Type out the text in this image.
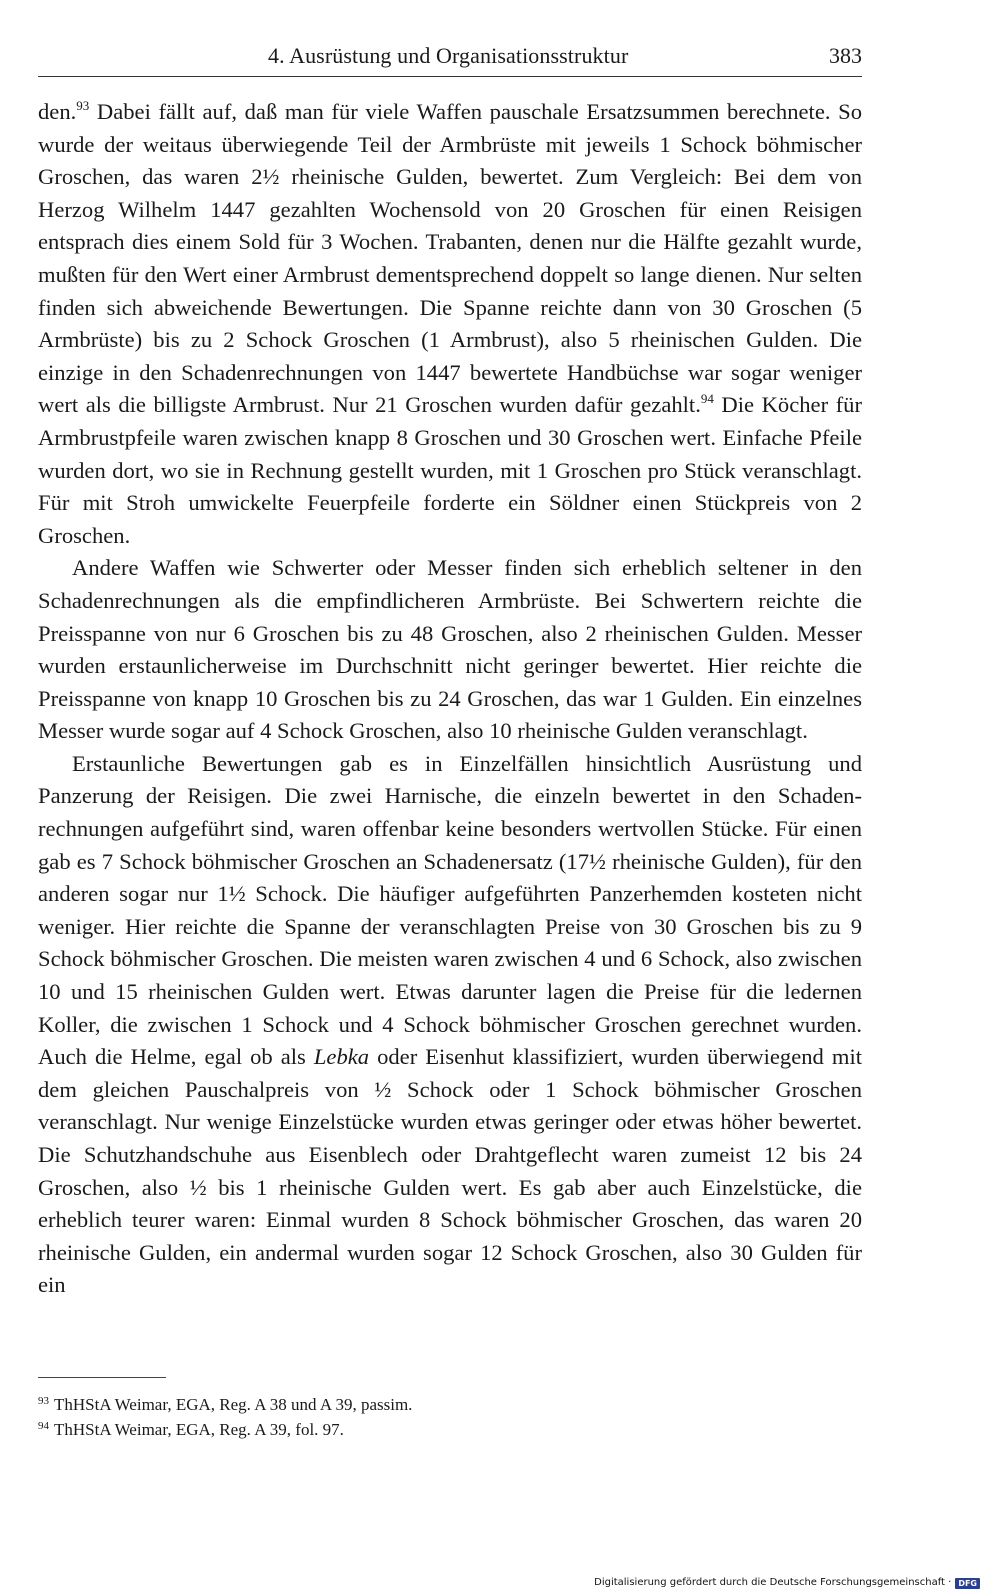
4. Ausrüstung und Organisationsstruktur	383

den.$^{93}$ Dabei fällt auf, daß man für viele Waffen pauschale Ersatzsummen berechnete. So wurde der weitaus überwiegende Teil der Armbrüste mit jeweils 1 Schock böhmischer Groschen, das waren 2½ rheinische Gulden, bewertet. Zum Vergleich: Bei dem von Herzog Wilhelm 1447 gezahlten Wochensold von 20 Groschen für einen Reisigen entsprach dies einem Sold für 3 Wochen. Trabanten, denen nur die Hälfte gezahlt wurde, mußten für den Wert einer Armbrust dementsprechend doppelt so lange dienen. Nur selten finden sich abweichende Bewertungen. Die Spanne reichte dann von 30 Groschen (5 Armbrüste) bis zu 2 Schock Groschen (1 Armbrust), also 5 rheinischen Gulden. Die einzige in den Schadenrechnungen von 1447 bewertete Handbüchse war sogar weniger wert als die billigste Armbrust. Nur 21 Groschen wurden dafür gezahlt.$^{94}$ Die Köcher für Armbrustpfeile waren zwischen knapp 8 Groschen und 30 Groschen wert. Einfache Pfeile wurden dort, wo sie in Rechnung gestellt wurden, mit 1 Groschen pro Stück veranschlagt. Für mit Stroh umwickelte Feuerpfeile forderte ein Söldner einen Stückpreis von 2 Groschen.

Andere Waffen wie Schwerter oder Messer finden sich erheblich seltener in den Schadenrechnungen als die empfindlicheren Armbrüste. Bei Schwertern reichte die Preisspanne von nur 6 Groschen bis zu 48 Groschen, also 2 rheinischen Gulden. Messer wurden erstaunlicherweise im Durchschnitt nicht geringer bewertet. Hier reichte die Preisspanne von knapp 10 Groschen bis zu 24 Groschen, das war 1 Gulden. Ein einzelnes Messer wurde sogar auf 4 Schock Groschen, also 10 rheinische Gulden veranschlagt.

Erstaunliche Bewertungen gab es in Einzelfällen hinsichtlich Ausrüstung und Panzerung der Reisigen. Die zwei Harnische, die einzeln bewertet in den Schadenrechnungen aufgeführt sind, waren offenbar keine besonders wertvollen Stücke. Für einen gab es 7 Schock böhmischer Groschen an Schadenersatz (17½ rheinische Gulden), für den anderen sogar nur 1½ Schock. Die häufiger aufgeführten Panzerhemden kosteten nicht weniger. Hier reichte die Spanne der veranschlagten Preise von 30 Groschen bis zu 9 Schock böhmischer Groschen. Die meisten waren zwischen 4 und 6 Schock, also zwischen 10 und 15 rheinischen Gulden wert. Etwas darunter lagen die Preise für die ledernen Koller, die zwischen 1 Schock und 4 Schock böhmischer Groschen gerechnet wurden. Auch die Helme, egal ob als Lebka oder Eisenhut klassifiziert, wurden überwiegend mit dem gleichen Pauschalpreis von ½ Schock oder 1 Schock böhmischer Groschen veranschlagt. Nur wenige Einzelstücke wurden etwas geringer oder etwas höher bewertet. Die Schutzhandschuhe aus Eisenblech oder Drahtgeflecht waren zumeist 12 bis 24 Groschen, also ½ bis 1 rheinische Gulden wert. Es gab aber auch Einzelstücke, die erheblich teurer waren: Einmal wurden 8 Schock böhmischer Groschen, das waren 20 rheinische Gulden, ein andermal wurden sogar 12 Schock Groschen, also 30 Gulden für ein

$^{93}$ ThHStA Weimar, EGA, Reg. A 38 und A 39, passim.

$^{94}$ ThHStA Weimar, EGA, Reg. A 39, fol. 97.

Digitalisierung gefördert durch die Deutsche Forschungsgemeinschaft · DFG
